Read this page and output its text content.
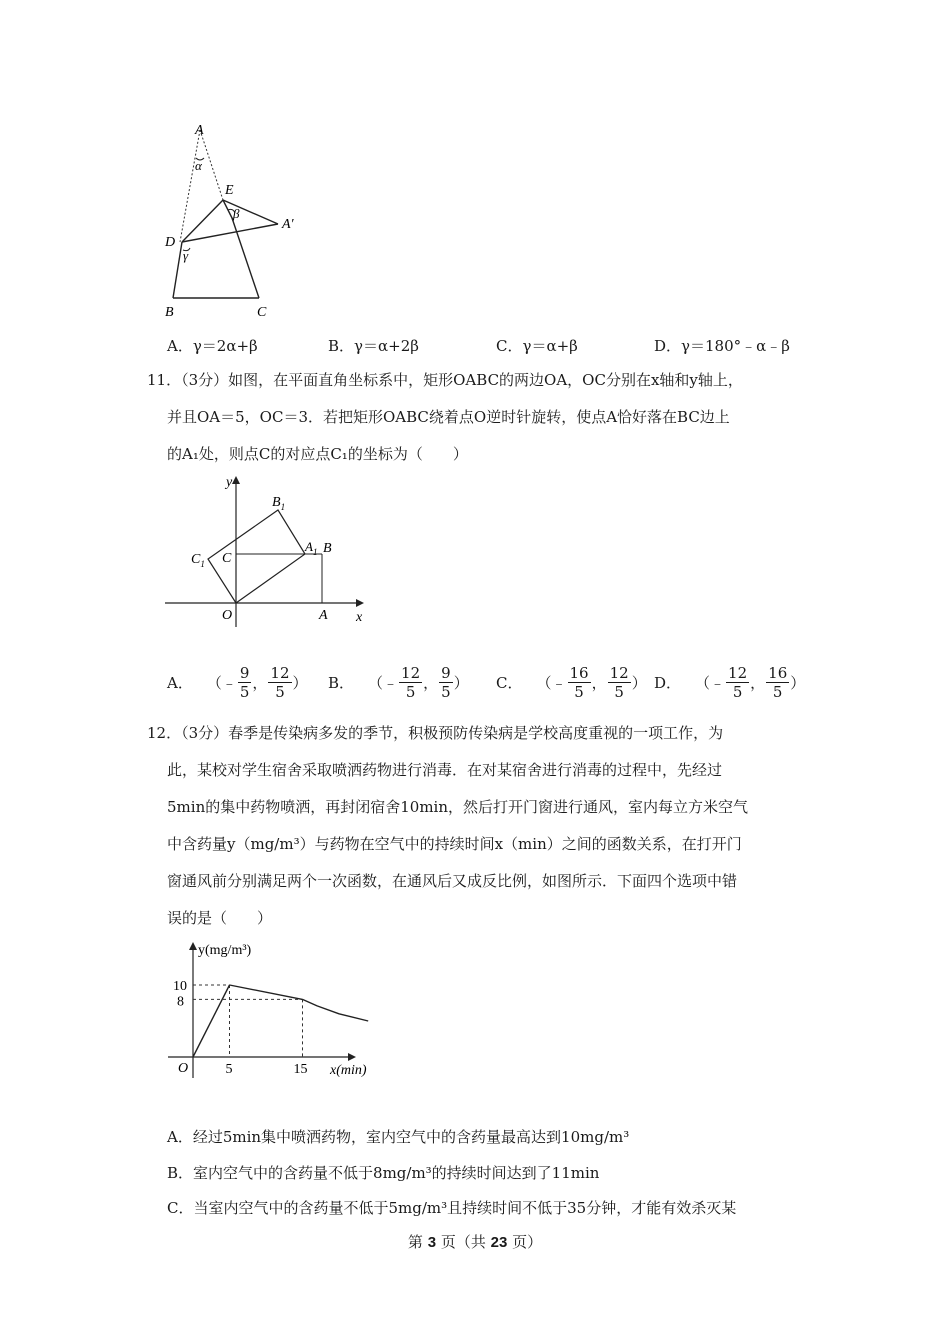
A
α
E
β
A′
D
γ
B	C
A．γ＝2α+β	B．γ＝α+2β	C．γ＝α+β	D．γ＝180°﹣α﹣β
11．（3分）如图，在平面直角坐标系中，矩形OABC的两边OA，OC分别在x轴和y轴上，
并且OA＝5，OC＝3．若把矩形OABC绕着点O逆时针旋转，使点A恰好落在BC边上
的A₁处，则点C的对应点C₁的坐标为（　　）
y
$B_1$
$C_1$ C
$A_1$ B
O	A x
A． （﹣ $\frac{9}{5}$ ， $\frac{12}{5}$ ） B． （﹣ $\frac{12}{5}$ ， $\frac{9}{5}$ ） C． （﹣ $\frac{16}{5}$ ， $\frac{12}{5}$ ） D． （﹣ $\frac{12}{5}$ ， $\frac{16}{5}$ ）
12．（3分）春季是传染病多发的季节，积极预防传染病是学校高度重视的一项工作，为
此，某校对学生宿舍采取喷洒药物进行消毒．在对某宿舍进行消毒的过程中，先经过
5min的集中药物喷洒，再封闭宿舍10min，然后打开门窗进行通风，室内每立方米空气
中含药量y（mg/m³）与药物在空气中的持续时间x（min）之间的函数关系，在打开门
窗通风前分别满足两个一次函数，在通风后又成反比例，如图所示．下面四个选项中错
误的是（　　）
y(mg/m³)
O	x(min)
10
8
5	15
A．经过5min集中喷洒药物，室内空气中的含药量最高达到10mg/m³
B．室内空气中的含药量不低于8mg/m³的持续时间达到了11min
C．当室内空气中的含药量不低于5mg/m³且持续时间不低于35分钟，才能有效杀灭某
第 3 页（共 23 页）
